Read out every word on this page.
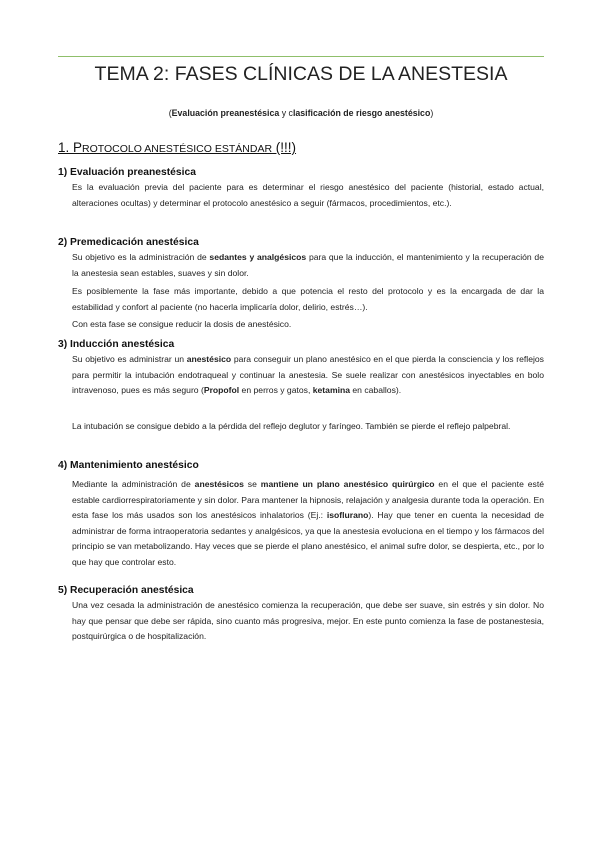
TEMA 2: FASES CLÍNICAS DE LA ANESTESIA
(Evaluación preanestésica y clasificación de riesgo anestésico)
1. PROTOCOLO ANESTÉSICO ESTÁNDAR (!!!)
1) Evaluación preanestésica
Es la evaluación previa del paciente para es determinar el riesgo anestésico del paciente (historial, estado actual, alteraciones ocultas) y determinar el protocolo anestésico a seguir (fármacos, procedimientos, etc.).
2) Premedicación anestésica
Su objetivo es la administración de sedantes y analgésicos para que la inducción, el mantenimiento y la recuperación de la anestesia sean estables, suaves y sin dolor.
Es posiblemente la fase más importante, debido a que potencia el resto del protocolo y es la encargada de dar la estabilidad y confort al paciente (no hacerla implicaría dolor, delirio, estrés…).
Con esta fase se consigue reducir la dosis de anestésico.
3) Inducción anestésica
Su objetivo es administrar un anestésico para conseguir un plano anestésico en el que pierda la consciencia y los reflejos para permitir la intubación endotraqueal y continuar la anestesia. Se suele realizar con anestésicos inyectables en bolo intravenoso, pues es más seguro (Propofol en perros y gatos, ketamina en caballos).
La intubación se consigue debido a la pérdida del reflejo deglutor y faríngeo. También se pierde el reflejo palpebral.
4) Mantenimiento anestésico
Mediante la administración de anestésicos se mantiene un plano anestésico quirúrgico en el que el paciente esté estable cardiorrespiratoriamente y sin dolor. Para mantener la hipnosis, relajación y analgesia durante toda la operación. En esta fase los más usados son los anestésicos inhalatorios (Ej.: isoflurano). Hay que tener en cuenta la necesidad de administrar de forma intraoperatoria sedantes y analgésicos, ya que la anestesia evoluciona en el tiempo y los fármacos del principio se van metabolizando. Hay veces que se pierde el plano anestésico, el animal sufre dolor, se despierta, etc., por lo que hay que controlar esto.
5) Recuperación anestésica
Una vez cesada la administración de anestésico comienza la recuperación, que debe ser suave, sin estrés y sin dolor. No hay que pensar que debe ser rápida, sino cuanto más progresiva, mejor. En este punto comienza la fase de postanestesia, postquirúrgica o de hospitalización.
